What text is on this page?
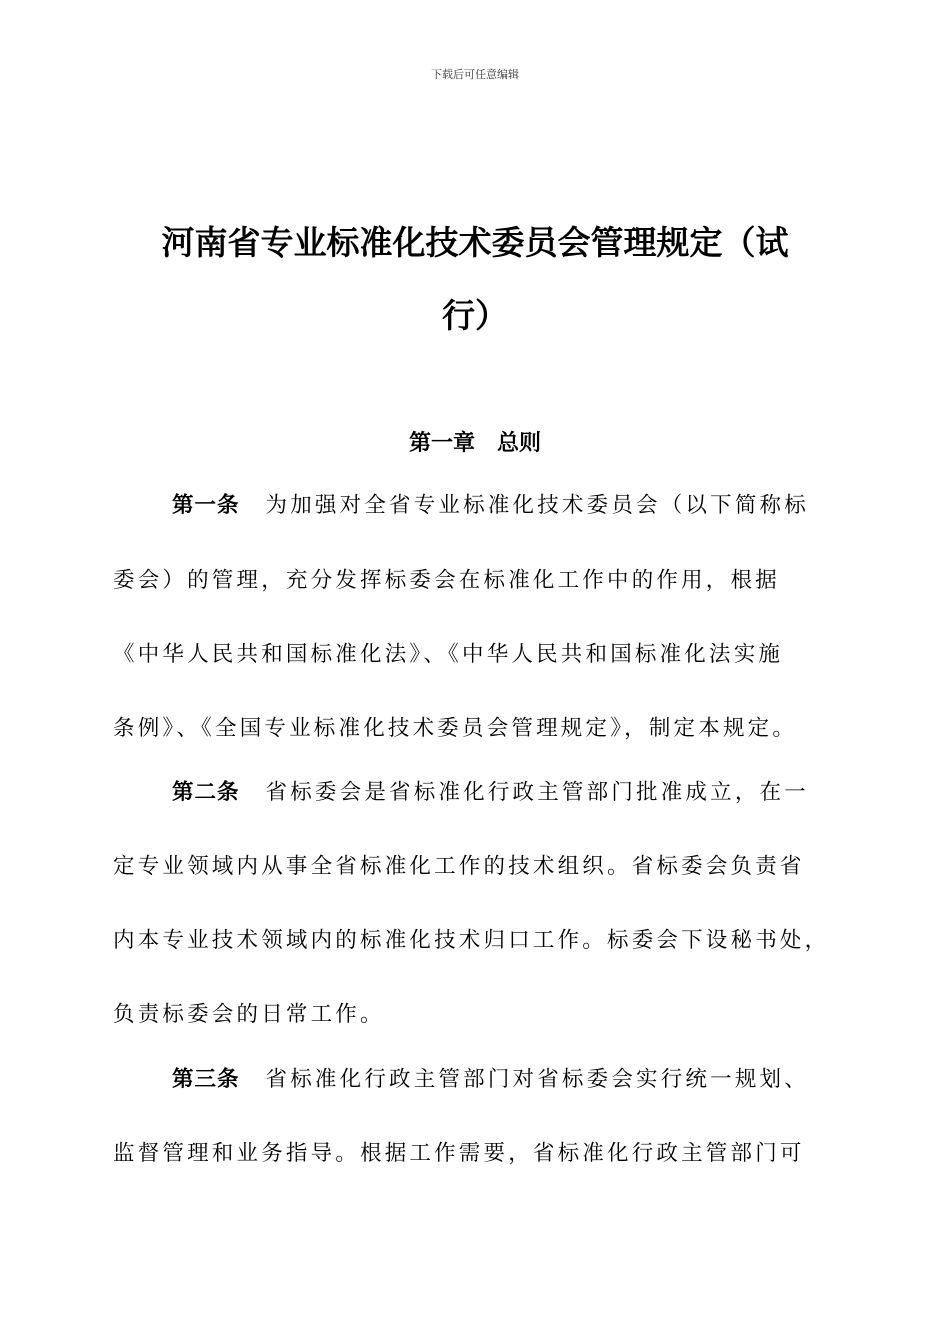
下载后可任意编辑
河南省专业标准化技术委员会管理规定（试
行）
第一章　总则
第一条 为加强对全省专业标准化技术委员会（以下简称标
委会）的管理，充分发挥标委会在标准化工作中的作用，根据
《中华人民共和国标准化法》、《中华人民共和国标准化法实施
条例》、《全国专业标准化技术委员会管理规定》，制定本规定。
第二条 省标委会是省标准化行政主管部门批准成立，在一
定专业领域内从事全省标准化工作的技术组织。省标委会负责省
内本专业技术领域内的标准化技术归口工作。标委会下设秘书处，
负责标委会的日常工作。
第三条 省标准化行政主管部门对省标委会实行统一规划、
监督管理和业务指导。根据工作需要，省标准化行政主管部门可
